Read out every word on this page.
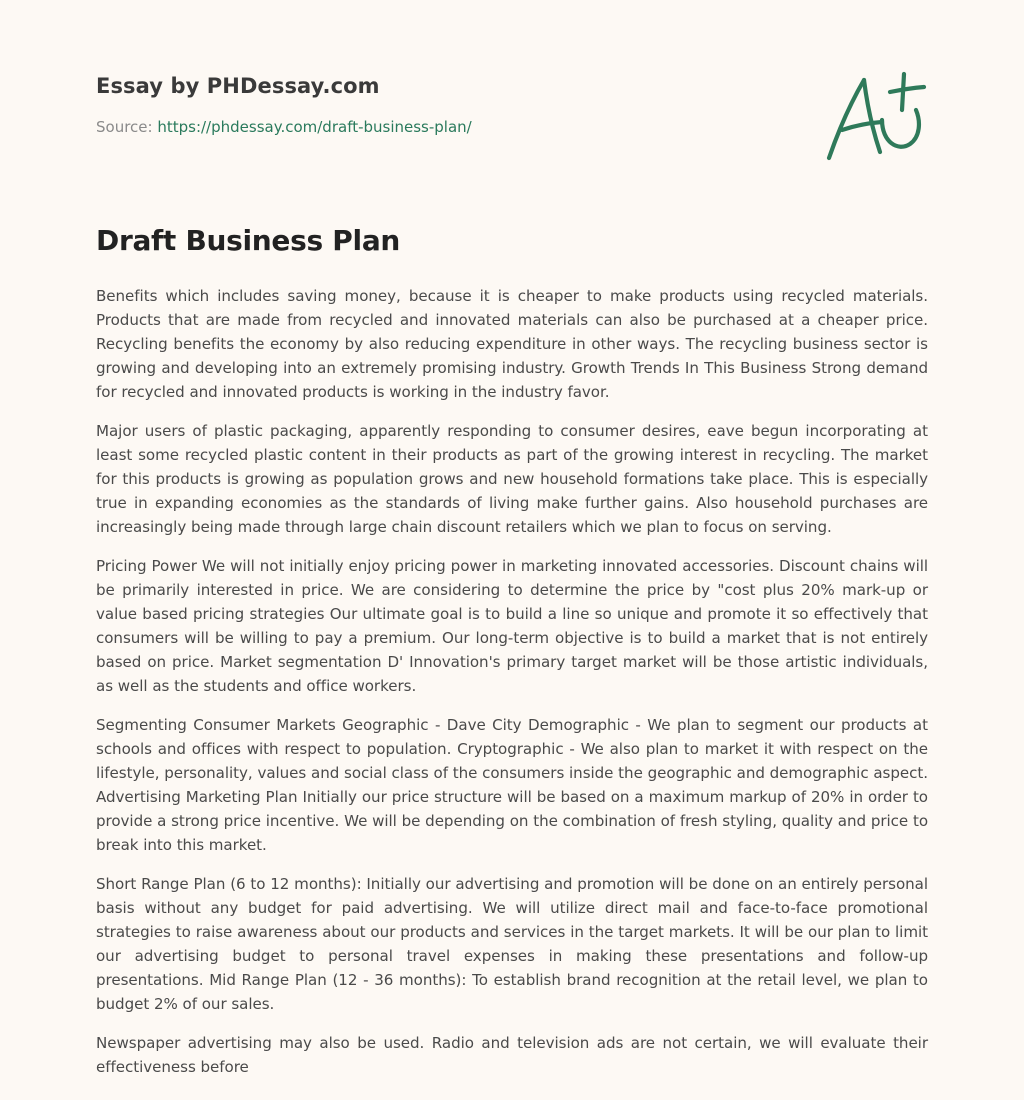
Essay by PHDessay.com
Source: https://phdessay.com/draft-business-plan/
Draft Business Plan

Benefits which includes saving money, because it is cheaper to make products using recycled materials. Products that are made from recycled and innovated materials can also be purchased at a cheaper price. Recycling benefits the economy by also reducing expenditure in other ways. The recycling business sector is growing and developing into an extremely promising industry. Growth Trends In This Business Strong demand for recycled and innovated products is working in the industry favor.

Major users of plastic packaging, apparently responding to consumer desires, eave begun incorporating at least some recycled plastic content in their products as part of the growing interest in recycling. The market for this products is growing as population grows and new household formations take place. This is especially true in expanding economies as the standards of living make further gains. Also household purchases are increasingly being made through large chain discount retailers which we plan to focus on serving.

Pricing Power We will not initially enjoy pricing power in marketing innovated accessories. Discount chains will be primarily interested in price. We are considering to determine the price by "cost plus 20% mark-up or value based pricing strategies Our ultimate goal is to build a line so unique and promote it so effectively that consumers will be willing to pay a premium. Our long-term objective is to build a market that is not entirely based on price. Market segmentation D' Innovation's primary target market will be those artistic individuals, as well as the students and office workers.

Segmenting Consumer Markets Geographic - Dave City Demographic - We plan to segment our products at schools and offices with respect to population. Cryptographic - We also plan to market it with respect on the lifestyle, personality, values and social class of the consumers inside the geographic and demographic aspect. Advertising Marketing Plan Initially our price structure will be based on a maximum markup of 20% in order to provide a strong price incentive. We will be depending on the combination of fresh styling, quality and price to break into this market.

Short Range Plan (6 to 12 months): Initially our advertising and promotion will be done on an entirely personal basis without any budget for paid advertising. We will utilize direct mail and face-to-face promotional strategies to raise awareness about our products and services in the target markets. It will be our plan to limit our advertising budget to personal travel expenses in making these presentations and follow-up presentations. Mid Range Plan (12 - 36 months): To establish brand recognition at the retail level, we plan to budget 2% of our sales.

Newspaper advertising may also be used. Radio and television ads are not certain, we will evaluate their effectiveness before
